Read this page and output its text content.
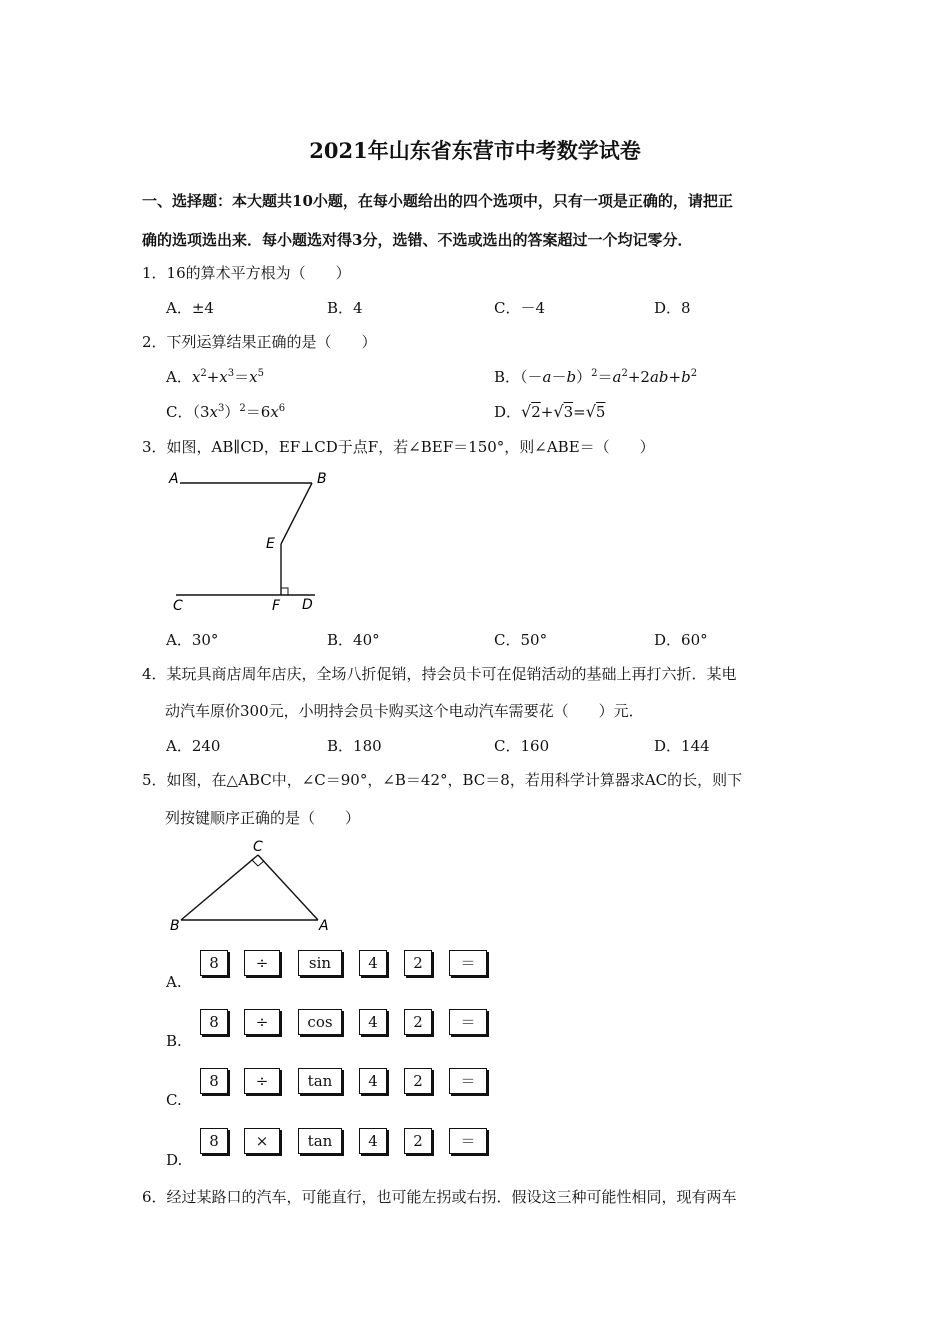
2021年山东省东营市中考数学试卷
一、选择题：本大题共10小题，在每小题给出的四个选项中，只有一项是正确的，请把正
确的选项选出来．每小题选对得3分，选错、不选或选出的答案超过一个均记零分．
1．16的算术平方根为（　　）
A．±4	B．4	C．－4	D．8
2．下列运算结果正确的是（　　）
A．$x^2+x^3=x^5$	B．$(-a-b)^2=a^2+2ab+b^2$
C．$(3x^3)^2=6x^6$	D．√2+√3=√5
3．如图，AB∥CD，EF⊥CD于点F，若∠BEF＝150°，则∠ABE＝（　　）
A	B
E
C	F D
A．30°	B．40°	C．50°	D．60°
4．某玩具商店周年店庆，全场八折促销，持会员卡可在促销活动的基础上再打六折．某电
动汽车原价300元，小明持会员卡购买这个电动汽车需要花（　　）元．
A．240	B．180	C．160	D．144
5．如图，在△ABC中，∠C＝90°，∠B＝42°，BC＝8，若用科学计算器求AC的长，则下
列按键顺序正确的是（　　）
C
B	A
A.
8	÷	sin	4	2	＝
B.
8	÷	cos	4	2	＝
C.
8	÷	tan	4	2	＝
D.
8	×	tan	4	2	＝
6．经过某路口的汽车，可能直行，也可能左拐或右拐．假设这三种可能性相同，现有两车
